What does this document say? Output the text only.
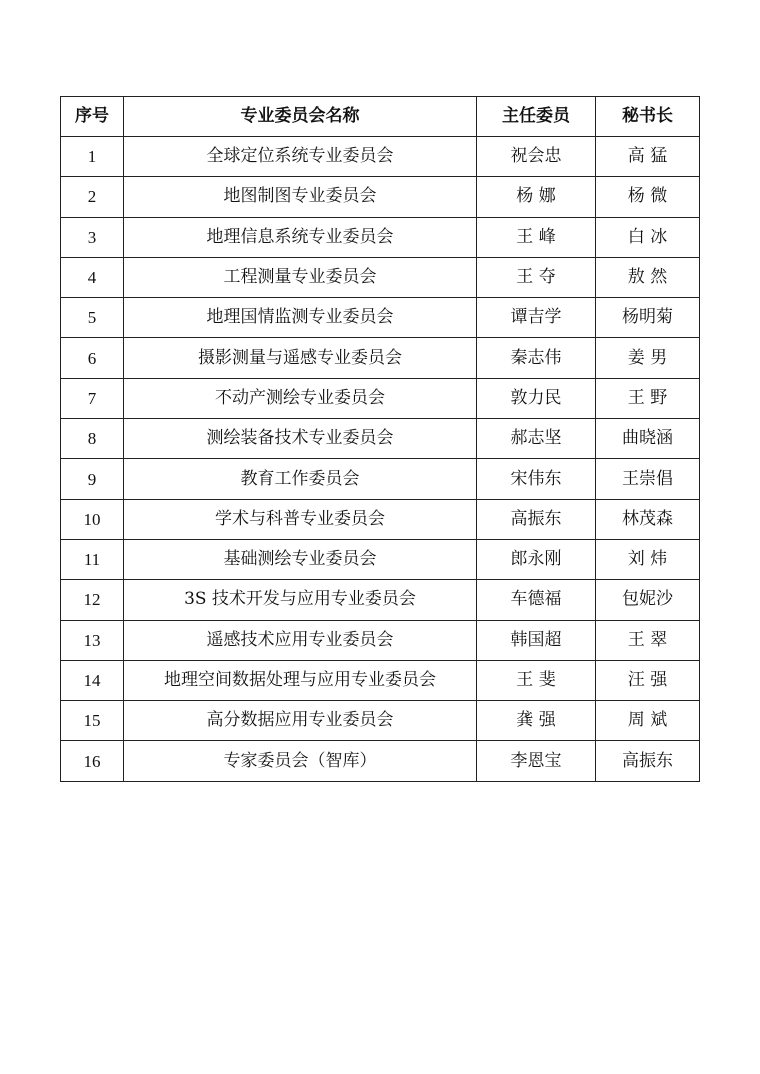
序号	专业委员会名称	主任委员	秘书长
1	全球定位系统专业委员会	祝会忠	高 猛
2	地图制图专业委员会	杨 娜	杨 微
3	地理信息系统专业委员会	王 峰	白 冰
4	工程测量专业委员会	王 夺	敖 然
5	地理国情监测专业委员会	谭吉学	杨明菊
6	摄影测量与遥感专业委员会	秦志伟	姜 男
7	不动产测绘专业委员会	敦力民	王 野
8	测绘装备技术专业委员会	郝志坚	曲晓涵
9	教育工作委员会	宋伟东	王崇倡
10	学术与科普专业委员会	高振东	林茂森
11	基础测绘专业委员会	郎永刚	刘 炜
12	3S 技术开发与应用专业委员会	车德福	包妮沙
13	遥感技术应用专业委员会	韩国超	王 翠
14	地理空间数据处理与应用专业委员会	王 斐	汪 强
15	高分数据应用专业委员会	龚 强	周 斌
16	专家委员会（智库）	李恩宝	高振东
